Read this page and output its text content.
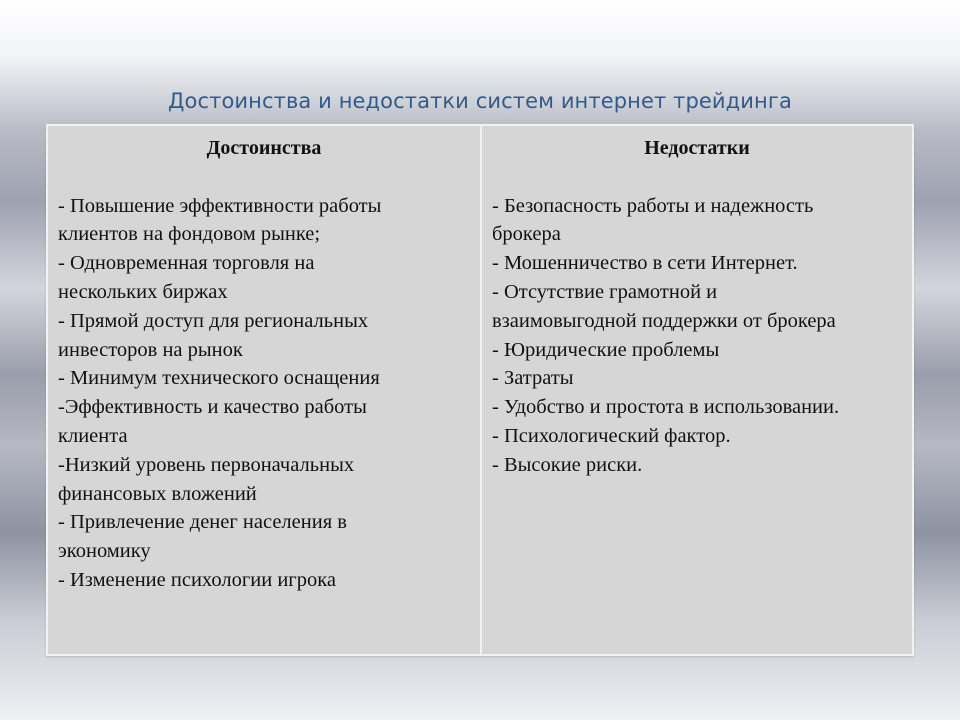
Достоинства и недостатки систем интернет трейдинга
Достоинства
- Повышение эффективности работы
клиентов на фондовом рынке;
- Одновременная торговля на
нескольких биржах
- Прямой доступ для региональных
инвесторов на рынок
- Минимум технического оснащения
-Эффективность и качество работы
клиента
-Низкий уровень первоначальных
финансовых вложений
- Привлечение денег населения в
экономику
- Изменение психологии игрока
Недостатки
- Безопасность работы и надежность
брокера
- Мошенничество в сети Интернет.
- Отсутствие грамотной и
взаимовыгодной поддержки от брокера
- Юридические проблемы
- Затраты
- Удобство и простота в использовании.
- Психологический фактор.
- Высокие риски.
